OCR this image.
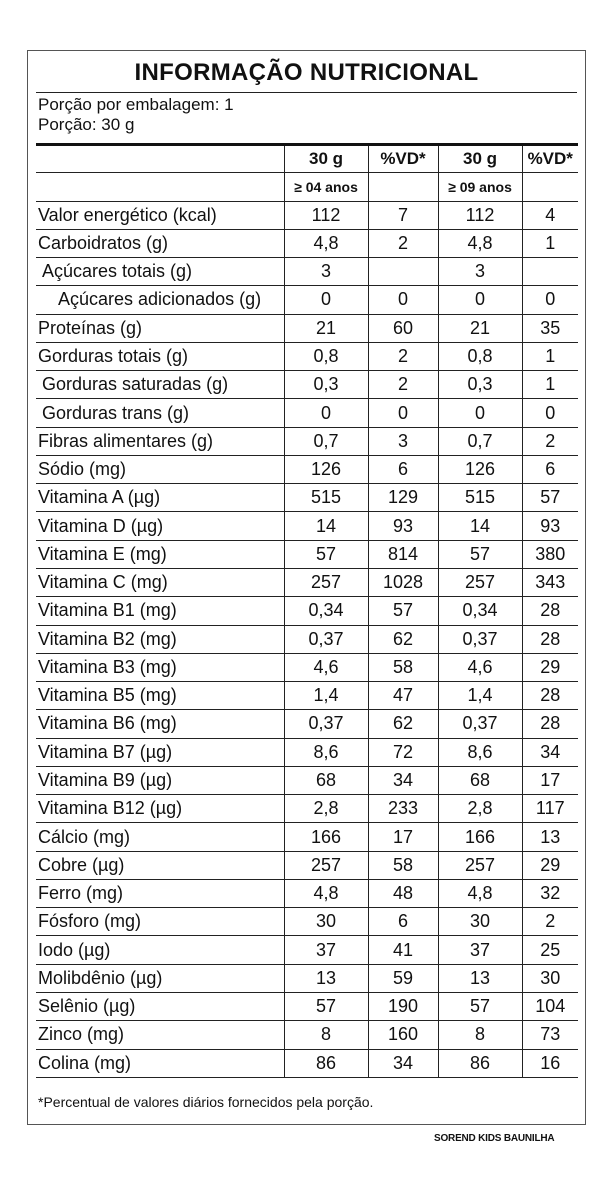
INFORMAÇÃO NUTRICIONAL
Porção por embalagem: 1
Porção: 30 g
	30 g	%VD*	30 g	%VD*
	≥ 04 anos		≥ 09 anos	
Valor energético (kcal)	112	7	112	4
Carboidratos (g)	4,8	2	4,8	1
Açúcares totais (g)	3		3	
Açúcares adicionados (g)	0	0	0	0
Proteínas (g)	21	60	21	35
Gorduras totais (g)	0,8	2	0,8	1
Gorduras saturadas (g)	0,3	2	0,3	1
Gorduras trans (g)	0	0	0	0
Fibras alimentares (g)	0,7	3	0,7	2
Sódio (mg)	126	6	126	6
Vitamina A (µg)	515	129	515	57
Vitamina D (µg)	14	93	14	93
Vitamina E (mg)	57	814	57	380
Vitamina C (mg)	257	1028	257	343
Vitamina B1 (mg)	0,34	57	0,34	28
Vitamina B2 (mg)	0,37	62	0,37	28
Vitamina B3 (mg)	4,6	58	4,6	29
Vitamina B5 (mg)	1,4	47	1,4	28
Vitamina B6 (mg)	0,37	62	0,37	28
Vitamina B7 (µg)	8,6	72	8,6	34
Vitamina B9 (µg)	68	34	68	17
Vitamina B12 (µg)	2,8	233	2,8	117
Cálcio (mg)	166	17	166	13
Cobre (µg)	257	58	257	29
Ferro (mg)	4,8	48	4,8	32
Fósforo (mg)	30	6	30	2
Iodo (µg)	37	41	37	25
Molibdênio (µg)	13	59	13	30
Selênio (µg)	57	190	57	104
Zinco (mg)	8	160	8	73
Colina (mg)	86	34	86	16
*Percentual de valores diários fornecidos pela porção.
SOREND KIDS BAUNILHA
